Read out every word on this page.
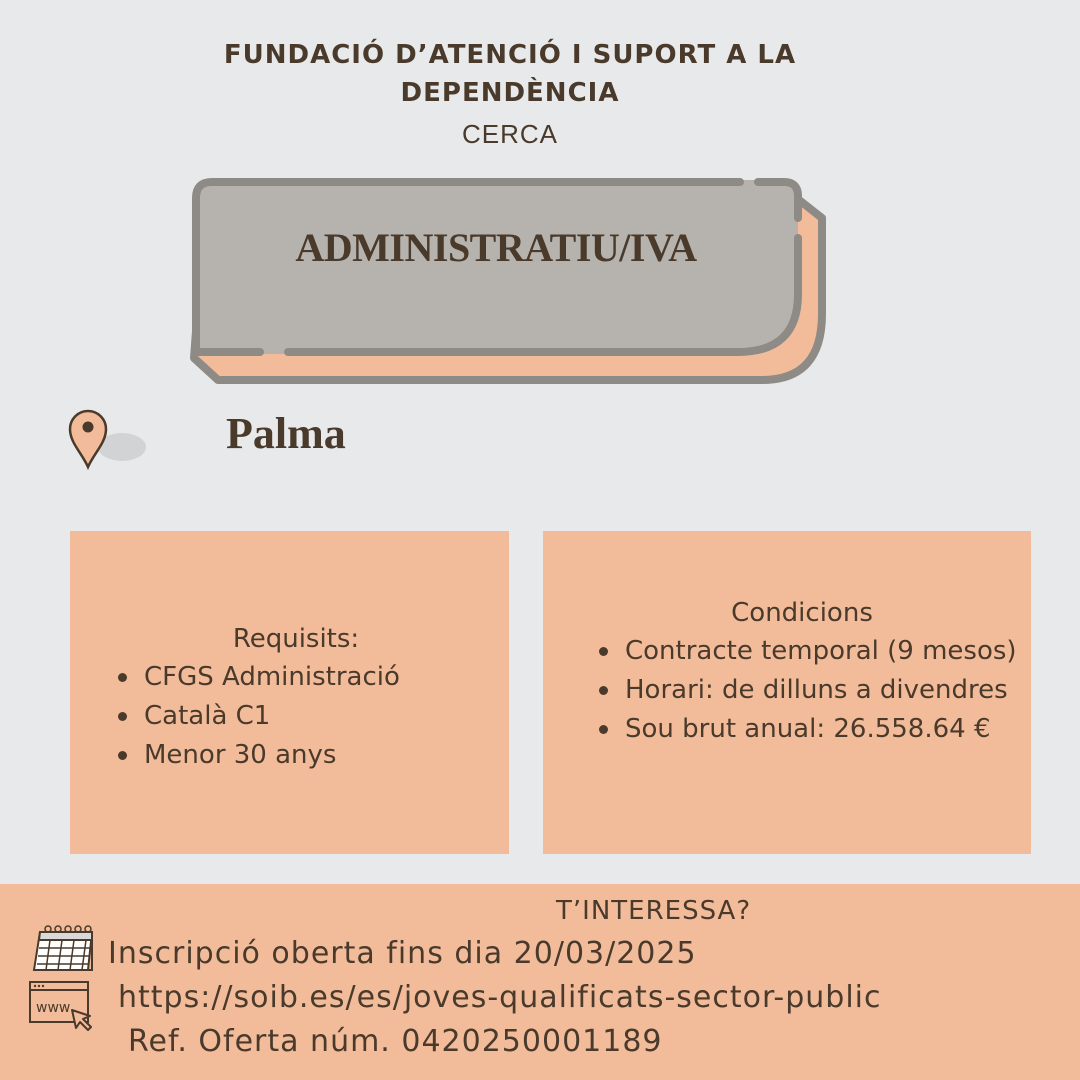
FUNDACIÓ D’ATENCIÓ I SUPORT A LA
DEPENDÈNCIA
CERCA
ADMINISTRATIU/IVA
Palma
Requisits:
CFGS Administració
Català C1
Menor 30 anys
Condicions
Contracte temporal (9 mesos)
Horari: de dilluns a divendres
Sou brut anual: 26.558.64 €
T’INTERESSA?
Inscripció oberta fins dia 20/03/2025
www https://soib.es/es/joves-qualificats-sector-public
Ref. Oferta núm. 0420250001189
